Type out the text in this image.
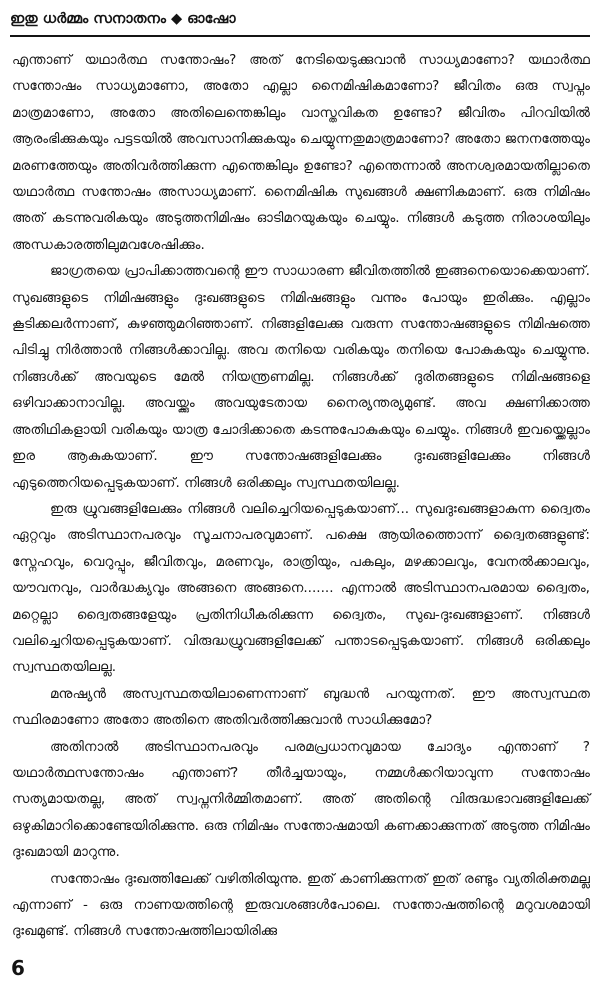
ഇതു ധർമ്മം സനാതനം ◆ ഓഷോ

എന്താണ് യഥാർത്ഥ സന്തോഷം? അത് നേടിയെടുക്കുവാൻ സാധ്യമാണോ? യഥാർത്ഥ സന്തോഷം സാധ്യമാണോ, അതോ എല്ലാ നൈമിഷികമാണോ? ജീവിതം ഒരു സ്വപ്നം മാത്രമാണോ, അതോ അതിലെന്തെങ്കിലും വാസ്തവികത ഉണ്ടോ? ജീവിതം പിറവിയിൽ ആരംഭിക്കുകയും പട്ടടയിൽ അവസാനിക്കുകയും ചെയ്യുന്നതുമാത്രമാണോ? അതോ ജനനത്തേയും മരണത്തേയും അതിവർത്തിക്കുന്ന എന്തെങ്കിലും ഉണ്ടോ? എന്തെന്നാൽ അനശ്വരമായതില്ലാതെ യഥാർത്ഥ സന്തോഷം അസാധ്യമാണ്. നൈമിഷിക സുഖങ്ങൾ ക്ഷണികമാണ്. ഒരു നിമിഷം അത് കടന്നുവരികയും അടുത്തനിമിഷം ഓടിമറയുകയും ചെയ്യും. നിങ്ങൾ കടുത്ത നിരാശയിലും അന്ധകാരത്തിലുമവശേഷിക്കും.

ജാഗ്രതയെ പ്രാപിക്കാത്തവന്റെ ഈ സാധാരണ ജീവിതത്തിൽ ഇങ്ങനെയൊക്കെയാണ്. സുഖങ്ങളുടെ നിമിഷങ്ങളും ദുഃഖങ്ങളുടെ നിമിഷങ്ങളും വന്നും പോയും ഇരിക്കും. എല്ലാം കൂടിക്കലർന്നാണ്, കുഴഞ്ഞുമറിഞ്ഞാണ്. നിങ്ങളിലേക്കു വരുന്ന സന്തോഷങ്ങളുടെ നിമിഷത്തെ പിടിച്ചു നിർത്താൻ നിങ്ങൾക്കാവില്ല. അവ തനിയെ വരികയും തനിയെ പോകുകയും ചെയ്യുന്നു. നിങ്ങൾക്ക് അവയുടെ മേൽ നിയന്ത്രണമില്ല. നിങ്ങൾക്ക് ദുരിതങ്ങളുടെ നിമിഷങ്ങളെ ഒഴിവാക്കാനാവില്ല. അവയ്ക്കും അവയുടേതായ നൈര്യന്തര്യമുണ്ട്. അവ ക്ഷണിക്കാത്ത അതിഥികളായി വരികയും യാത്ര ചോദിക്കാതെ കടന്നുപോകുകയും ചെയ്യും. നിങ്ങൾ ഇവയ്ക്കെല്ലാം ഇര ആകുകയാണ്. ഈ സന്തോഷങ്ങളിലേക്കും ദുഃഖങ്ങളിലേക്കും നിങ്ങൾ എടുത്തെറിയപ്പെടുകയാണ്. നിങ്ങൾ ഒരിക്കലും സ്വസ്ഥതയിലല്ല.

ഇരു ധ്രുവങ്ങളിലേക്കും നിങ്ങൾ വലിച്ചെറിയപ്പെടുകയാണ്... സുഖദുഃഖങ്ങളാകുന്ന ദ്വൈതം ഏറ്റവും അടിസ്ഥാനപരവും സൂചനാപരവുമാണ്. പക്ഷെ ആയിരത്തൊന്ന് ദ്വൈതങ്ങളുണ്ട്: സ്നേഹവും, വെറുപ്പും, ജീവിതവും, മരണവും, രാത്രിയും, പകലും, മഴക്കാലവും, വേനൽക്കാലവും, യൗവനവും, വാർദ്ധക്യവും അങ്ങനെ അങ്ങനെ....... എന്നാൽ അടിസ്ഥാനപരമായ ദ്വൈതം, മറ്റെല്ലാ ദ്വൈതങ്ങളേയും പ്രതിനിധീകരിക്കുന്ന ദ്വൈതം, സുഖ-ദുഃഖങ്ങളാണ്. നിങ്ങൾ വലിച്ചെറിയപ്പെടുകയാണ്. വിരുദ്ധധ്രുവങ്ങളിലേക്ക് പന്താടപ്പെടുകയാണ്. നിങ്ങൾ ഒരിക്കലും സ്വസ്ഥതയിലല്ല.

മനുഷ്യൻ അസ്വസ്ഥതയിലാണെന്നാണ് ബുദ്ധൻ പറയുന്നത്. ഈ അസ്വസ്ഥത സ്ഥിരമാണോ അതോ അതിനെ അതിവർത്തിക്കുവാൻ സാധിക്കുമോ?

അതിനാൽ അടിസ്ഥാനപരവും പരമപ്രധാനവുമായ ചോദ്യം എന്താണ് ? യഥാർത്ഥസന്തോഷം എന്താണ്? തീർച്ചയായും, നമ്മൾക്കറിയാവുന്ന സന്തോഷം സത്യമായതല്ല, അത് സ്വപ്നനിർമ്മിതമാണ്. അത് അതിന്റെ വിരുദ്ധഭാവങ്ങളിലേക്ക് ഒഴുകിമാറിക്കൊണ്ടേയിരിക്കുന്നു. ഒരു നിമിഷം സന്തോഷമായി കണക്കാക്കുന്നത് അടുത്ത നിമിഷം ദുഃഖമായി മാറുന്നു.

സന്തോഷം ദുഃഖത്തിലേക്ക് വഴിതിരിയുന്നു. ഇത് കാണിക്കുന്നത് ഇത് രണ്ടും വ്യതിരിക്തമല്ല എന്നാണ് - ഒരു നാണയത്തിന്റെ ഇരുവശങ്ങൾപോലെ. സന്തോഷത്തിന്റെ മറുവശമായി ദുഃഖമുണ്ട്. നിങ്ങൾ സന്തോഷത്തിലായിരിക്കു

6
